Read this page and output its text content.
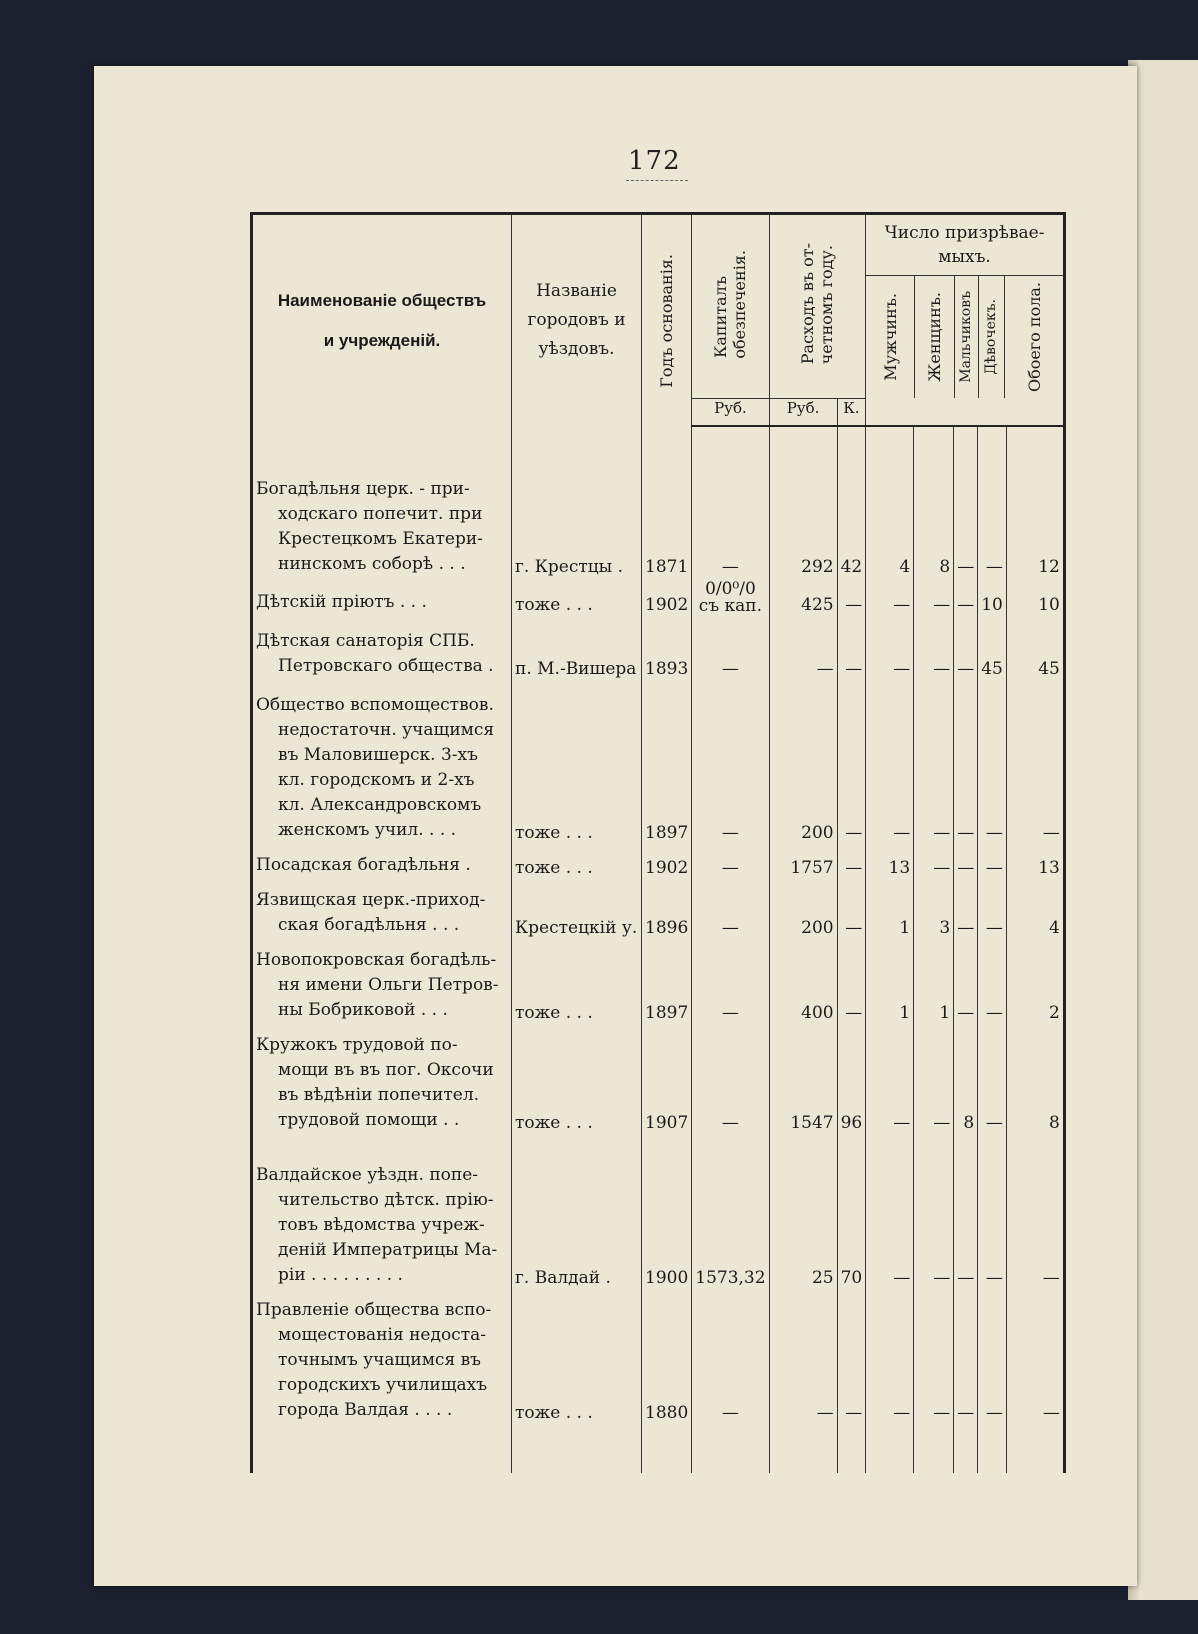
172
Наименованіе обществъ
и учрежденій.

Названіе
городовъ и
уѣздовъ.	Годъ основанія.	Капиталъобезпеченія.	Расходъ въ от-четномъ году.	
Число призрѣвае-
мыхъ.
Мужчинъ.	Женщинъ.	Мальчиковъ	Дѣвочекъ.	Обоего пола.

Руб.	Руб.	К.

Богадѣльня церк. - при-
ходскаго попечит. при
Крестецкомъ Екатери-
нинскомъ соборѣ . . .	г. Крестцы .	1871	—	292	42	4	8	—	—	12

Дѣтскій пріютъ . . .	тоже . . .	1902	0/0⁰/0 съ кап.	425	—	—	—	—	10	10

Дѣтская санаторія СПБ.
Петровскаго общества .	п. М.-Вишера	1893	—	—	—	—	—	—	45	45

Общество вспомоществов.
недостаточн. учащимся
въ Маловишерск. 3-хъ
кл. городскомъ и 2-хъ
кл. Александровскомъ
женскомъ учил. . . .	тоже . . .	1897	—	200	—	—	—	—	—	—

Посадская богадѣльня .	тоже . . .	1902	—	1757	—	13	—	—	—	13

Язвищская церк.-приход-
ская богадѣльня . . .	Крестецкій у.	1896	—	200	—	1	3	—	—	4

Новопокровская богадѣль-
ня имени Ольги Петров-
ны Бобриковой . . .	тоже . . .	1897	—	400	—	1	1	—	—	2

Кружокъ трудовой по-
мощи въ въ пог. Оксочи
въ вѣдѣніи попечител.
трудовой помощи . .	тоже . . .	1907	—	1547	96	—	—	8	—	8

Валдайское уѣздн. попе-
чительство дѣтск. прію-
товъ вѣдомства учреж-
деній Императрицы Ма-
ріи . . . . . . . . .	г. Валдай .	1900	1573,32	25	70	—	—	—	—	—

Правленіе общества вспо-
мощестованія недоста-
точнымъ учащимся въ
городскихъ училищахъ
города Валдая . . . .	тоже . . .	1880	—	—	—	—	—	—	—	—
